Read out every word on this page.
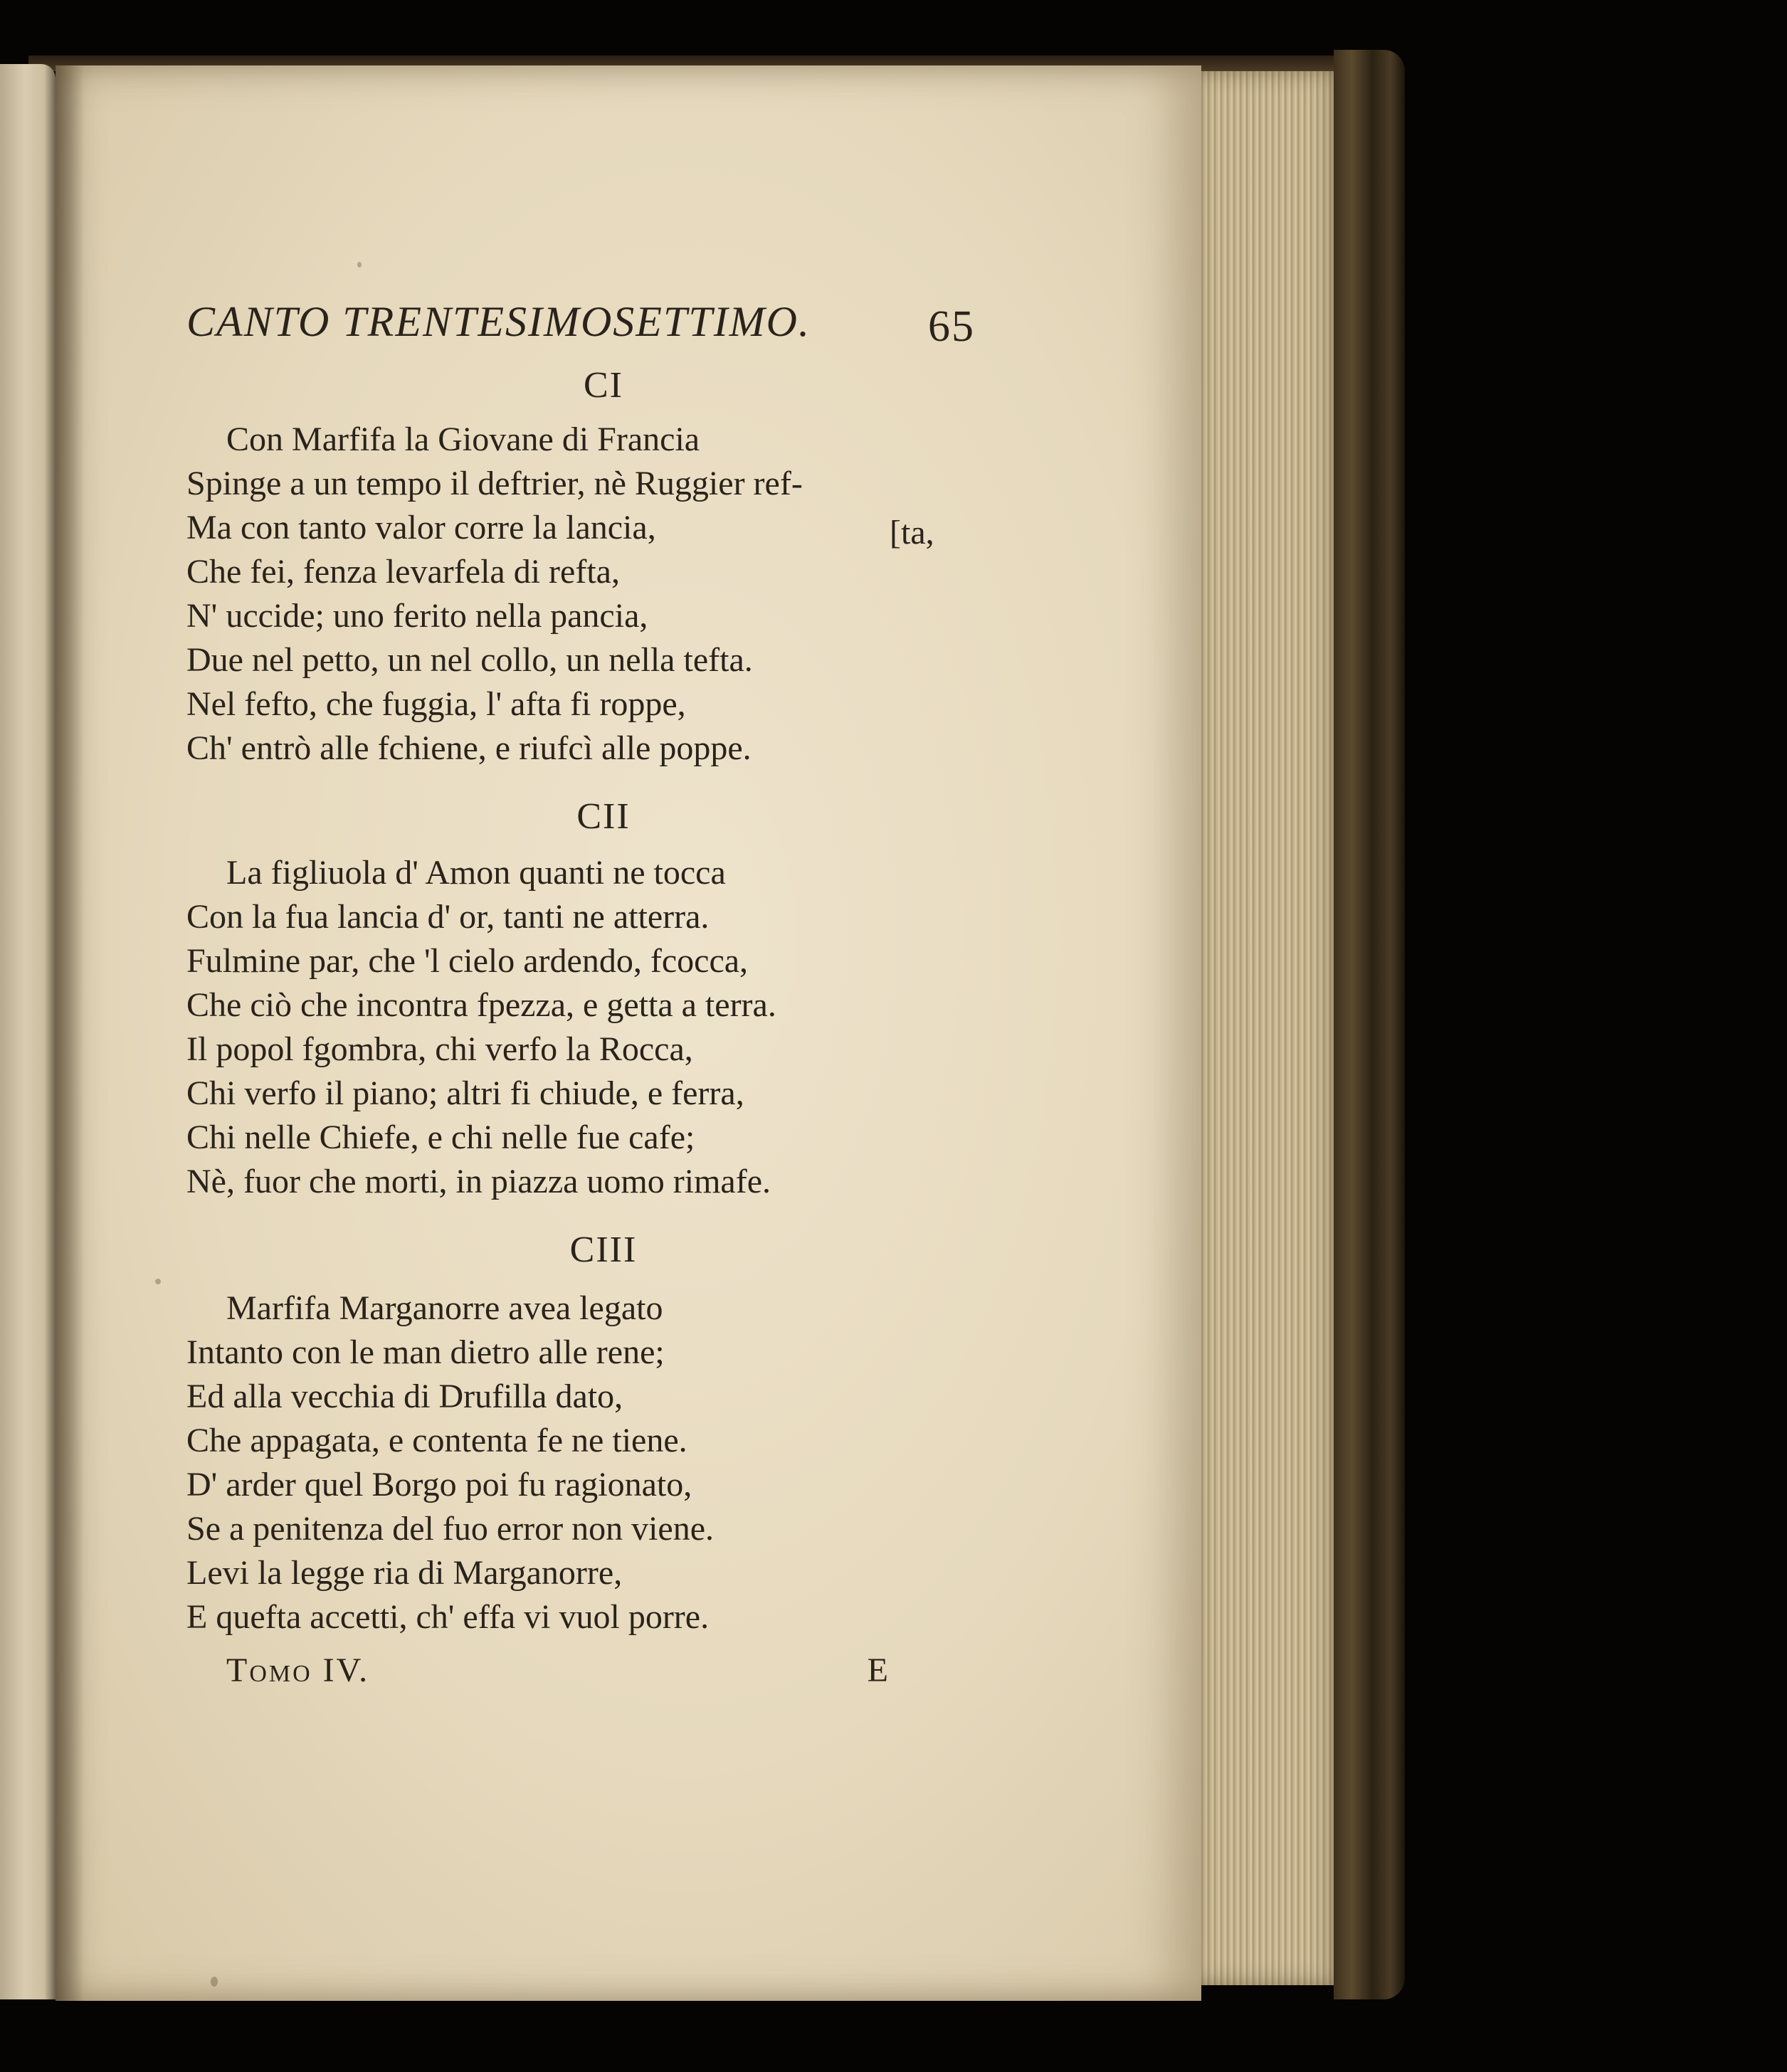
CANTO TRENTESIMOSETTIMO.	65
CI
Con Marfifa la Giovane di Francia
Spinge a un tempo il deftrier, nè Ruggier ref-
Ma con tanto valor corre la lancia,	[ta,
Che fei, fenza levarfela di refta,
N' uccide; uno ferito nella pancia,
Due nel petto, un nel collo, un nella tefta.
Nel fefto, che fuggia, l' afta fi roppe,
Ch' entrò alle fchiene, e riufcì alle poppe.
CII
La figliuola d' Amon quanti ne tocca
Con la fua lancia d' or, tanti ne atterra.
Fulmine par, che 'l cielo ardendo, fcocca,
Che ciò che incontra fpezza, e getta a terra.
Il popol fgombra, chi verfo la Rocca,
Chi verfo il piano; altri fi chiude, e ferra,
Chi nelle Chiefe, e chi nelle fue cafe;
Nè, fuor che morti, in piazza uomo rimafe.
CIII
Marfifa Marganorre avea legato
Intanto con le man dietro alle rene;
Ed alla vecchia di Drufilla dato,
Che appagata, e contenta fe ne tiene.
D' arder quel Borgo poi fu ragionato,
Se a penitenza del fuo error non viene.
Levi la legge ria di Marganorre,
E quefta accetti, ch' effa vi vuol porre.
Tomo IV.	E
